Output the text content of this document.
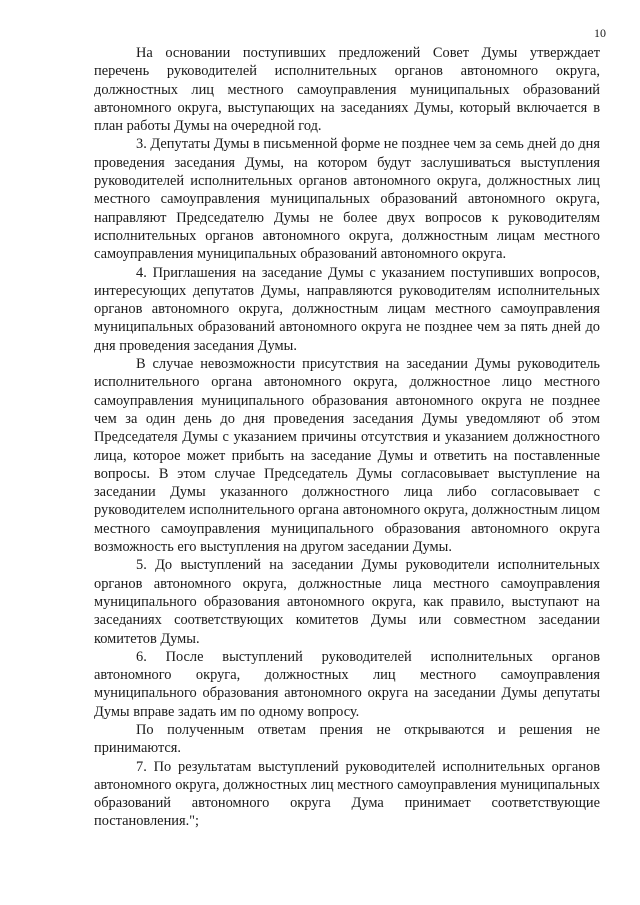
10

На основании поступивших предложений Совет Думы утверждает перечень руководителей исполнительных органов автономного округа, должностных лиц местного самоуправления муниципальных образований автономного округа, выступающих на заседаниях Думы, который включается в план работы Думы на очередной год.

3. Депутаты Думы в письменной форме не позднее чем за семь дней до дня проведения заседания Думы, на котором будут заслушиваться выступления руководителей исполнительных органов автономного округа, должностных лиц местного самоуправления муниципальных образований автономного округа, направляют Председателю Думы не более двух вопросов к руководителям исполнительных органов автономного округа, должностным лицам местного самоуправления муниципальных образований автономного округа.

4. Приглашения на заседание Думы с указанием поступивших вопросов, интересующих депутатов Думы, направляются руководителям исполнительных органов автономного округа, должностным лицам местного самоуправления муниципальных образований автономного округа не позднее чем за пять дней до дня проведения заседания Думы.

В случае невозможности присутствия на заседании Думы руководитель исполнительного органа автономного округа, должностное лицо местного самоуправления муниципального образования автономного округа не позднее чем за один день до дня проведения заседания Думы уведомляют об этом Председателя Думы с указанием причины отсутствия и указанием должностного лица, которое может прибыть на заседание Думы и ответить на поставленные вопросы. В этом случае Председатель Думы согласовывает выступление на заседании Думы указанного должностного лица либо согласовывает с руководителем исполнительного органа автономного округа, должностным лицом местного самоуправления муниципального образования автономного округа возможность его выступления на другом заседании Думы.

5. До выступлений на заседании Думы руководители исполнительных органов автономного округа, должностные лица местного самоуправления муниципального образования автономного округа, как правило, выступают на заседаниях соответствующих комитетов Думы или совместном заседании комитетов Думы.

6. После выступлений руководителей исполнительных органов автономного округа, должностных лиц местного самоуправления муниципального образования автономного округа на заседании Думы депутаты Думы вправе задать им по одному вопросу.

По полученным ответам прения не открываются и решения не принимаются.

7. По результатам выступлений руководителей исполнительных органов автономного округа, должностных лиц местного самоуправления муниципальных образований автономного округа Дума принимает соответствующие постановления.";
